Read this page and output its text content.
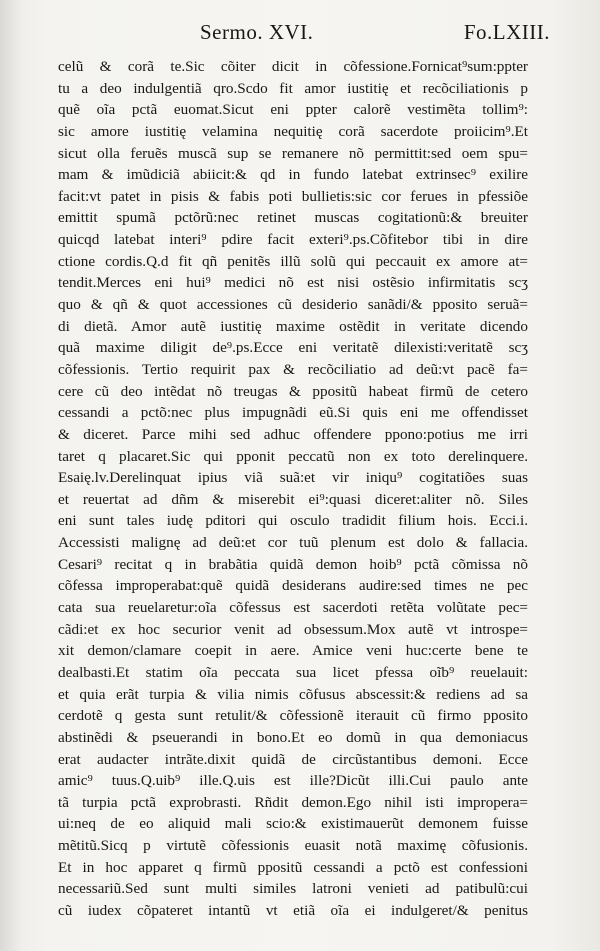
Sermo. XVI.	Fo.LXIII.
celũ & corã te.Sic cõiter dicit in cõfessione.Fornicat⁹sum:ppter
tu a deo indulgentiã qro.Scdo fit amor iustitię et recõciliationis p
quẽ oĩa pctã euomat.Sicut eni ppter calorẽ vestimẽta tollim⁹:
sic amore iustitię velamina nequitię corã sacerdote proiicim⁹.Et
sicut olla feruẽs muscã sup se remanere nõ permittit:sed oem spu=
mam & imũdiciã abiicit:& qd in fundo latebat extrinsec⁹ exilire
facit:vt patet in pisis & fabis poti bullietis:sic cor ferues in pfessiõe
emittit spumã pctõrũ:nec retinet muscas cogitationũ:& breuiter
quicqd latebat interi⁹ pdire facit exteri⁹.ps.Cõfitebor tibi in dire
ctione cordis.Q.d fit qñ penitẽs illũ solũ qui peccauit ex amore at=
tendit.Merces eni hui⁹ medici nõ est nisi ostẽsio infirmitatis scʒ
quo & qñ & quot accessiones cũ desiderio sanãdi/& pposito seruã=
di dietã. Amor autẽ iustitię maxime ostẽdit in veritate dicendo
quã maxime diligit de⁹.ps.Ecce eni veritatẽ dilexisti:veritatẽ scʒ
cõfessionis. Tertio requirit pax & recõciliatio ad deũ:vt pacẽ fa=
cere cũ deo intẽdat nõ treugas & ppositũ habeat firmũ de cetero
cessandi a pctõ:nec plus impugnãdi eũ.Si quis eni me offendisset
& diceret. Parce mihi sed adhuc offendere ppono:potius me irri
taret q placaret.Sic qui pponit peccatũ non ex toto derelinquere.
Esaię.lv.Derelinquat ipius viã suã:et vir iniqu⁹ cogitatiões suas
et reuertat ad dñm & miserebit ei⁹:quasi diceret:aliter nõ. Siles
eni sunt tales iudę pditori qui osculo tradidit filium hois. Ecci.i.
Accessisti malignę ad deũ:et cor tuũ plenum est dolo & fallacia.
Cesari⁹ recitat q in brabãtia quidã demon hoib⁹ pctã cõmissa nõ
cõfessa improperabat:quẽ quidã desiderans audire:sed times ne pec
cata sua reuelaretur:oĩa cõfessus est sacerdoti retẽta volũtate pec=
cãdi:et ex hoc securior venit ad obsessum.Mox autẽ vt introspe=
xit demon/clamare coepit in aere. Amice veni huc:certe bene te
dealbasti.Et statim oĩa peccata sua licet pfessa oĩb⁹ reuelauit:
et quia erãt turpia & vilia nimis cõfusus abscessit:& rediens ad sa
cerdotẽ q gesta sunt retulit/& cõfessionẽ iterauit cũ firmo pposito
abstinẽdi & pseuerandi in bono.Et eo domũ in qua demoniacus
erat audacter intrãte.dixit quidã de circũstantibus demoni. Ecce
amic⁹ tuus.Q.uib⁹ ille.Q.uis est ille?Dicũt illi.Cui paulo ante
tã turpia pctã exprobrasti. Rñdit demon.Ego nihil isti impropera=
ui:neq de eo aliquid mali scio:& existimauerũt demonem fuisse
mẽtitũ.Sicq p virtutẽ cõfessionis euasit notã maximę cõfusionis.
Et in hoc apparet q firmũ ppositũ cessandi a pctõ est confessioni
necessariũ.Sed sunt multi similes latroni venieti ad patibulũ:cui
cũ iudex cõpateret intantũ vt etiã oĩa ei indulgeret/& penitus
